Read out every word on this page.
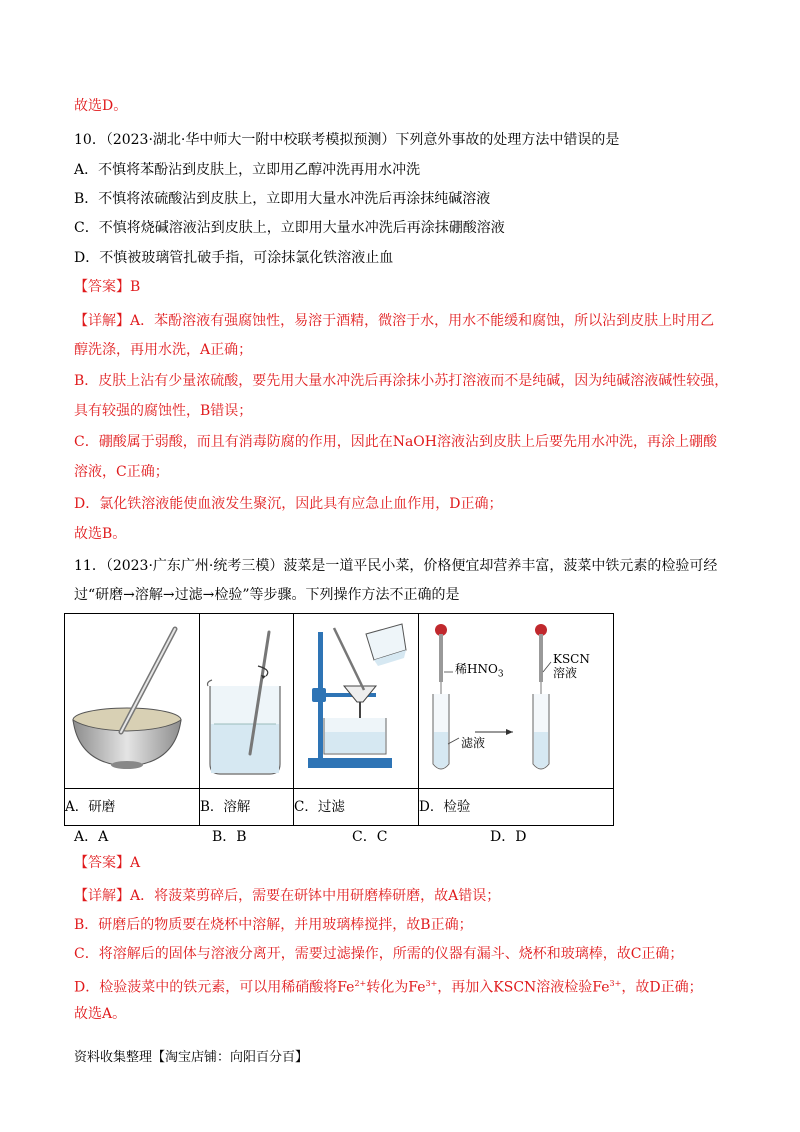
故选D。
10．（2023·湖北·华中师大一附中校联考模拟预测）下列意外事故的处理方法中错误的是
A．不慎将苯酚沾到皮肤上，立即用乙醇冲洗再用水冲洗
B．不慎将浓硫酸沾到皮肤上，立即用大量水冲洗后再涂抹纯碱溶液
C．不慎将烧碱溶液沾到皮肤上，立即用大量水冲洗后再涂抹硼酸溶液
D．不慎被玻璃管扎破手指，可涂抹氯化铁溶液止血
【答案】B
【详解】A．苯酚溶液有强腐蚀性，易溶于酒精，微溶于水，用水不能缓和腐蚀，所以沾到皮肤上时用乙
醇洗涤，再用水洗，A正确；
B．皮肤上沾有少量浓硫酸，要先用大量水冲洗后再涂抹小苏打溶液而不是纯碱，因为纯碱溶液碱性较强，
具有较强的腐蚀性，B错误；
C．硼酸属于弱酸，而且有消毒防腐的作用，因此在NaOH溶液沾到皮肤上后要先用水冲洗，再涂上硼酸
溶液，C正确；
D．氯化铁溶液能使血液发生聚沉，因此具有应急止血作用，D正确；
故选B。
11．（2023·广东广州·统考三模）菠菜是一道平民小菜，价格便宜却营养丰富，菠菜中铁元素的检验可经
过“研磨→溶解→过滤→检验”等步骤。下列操作方法不正确的是

稀$HNO_3$
KSCN
溶液
滤液

A．研磨	B．溶解	C．过滤	D．检验
A．A	B．B	C．C	D．D
【答案】A
【详解】A．将菠菜剪碎后，需要在研钵中用研磨棒研磨，故A错误；
B．研磨后的物质要在烧杯中溶解，并用玻璃棒搅拌，故B正确；
C．将溶解后的固体与溶液分离开，需要过滤操作，所需的仪器有漏斗、烧杯和玻璃棒，故C正确；
D．检验菠菜中的铁元素，可以用稀硝酸将$Fe^{2+}$转化为$Fe^{3+}$，再加入KSCN溶液检验$Fe^{3+}$，故D正确；
故选A。
资料收集整理【淘宝店铺：向阳百分百】
